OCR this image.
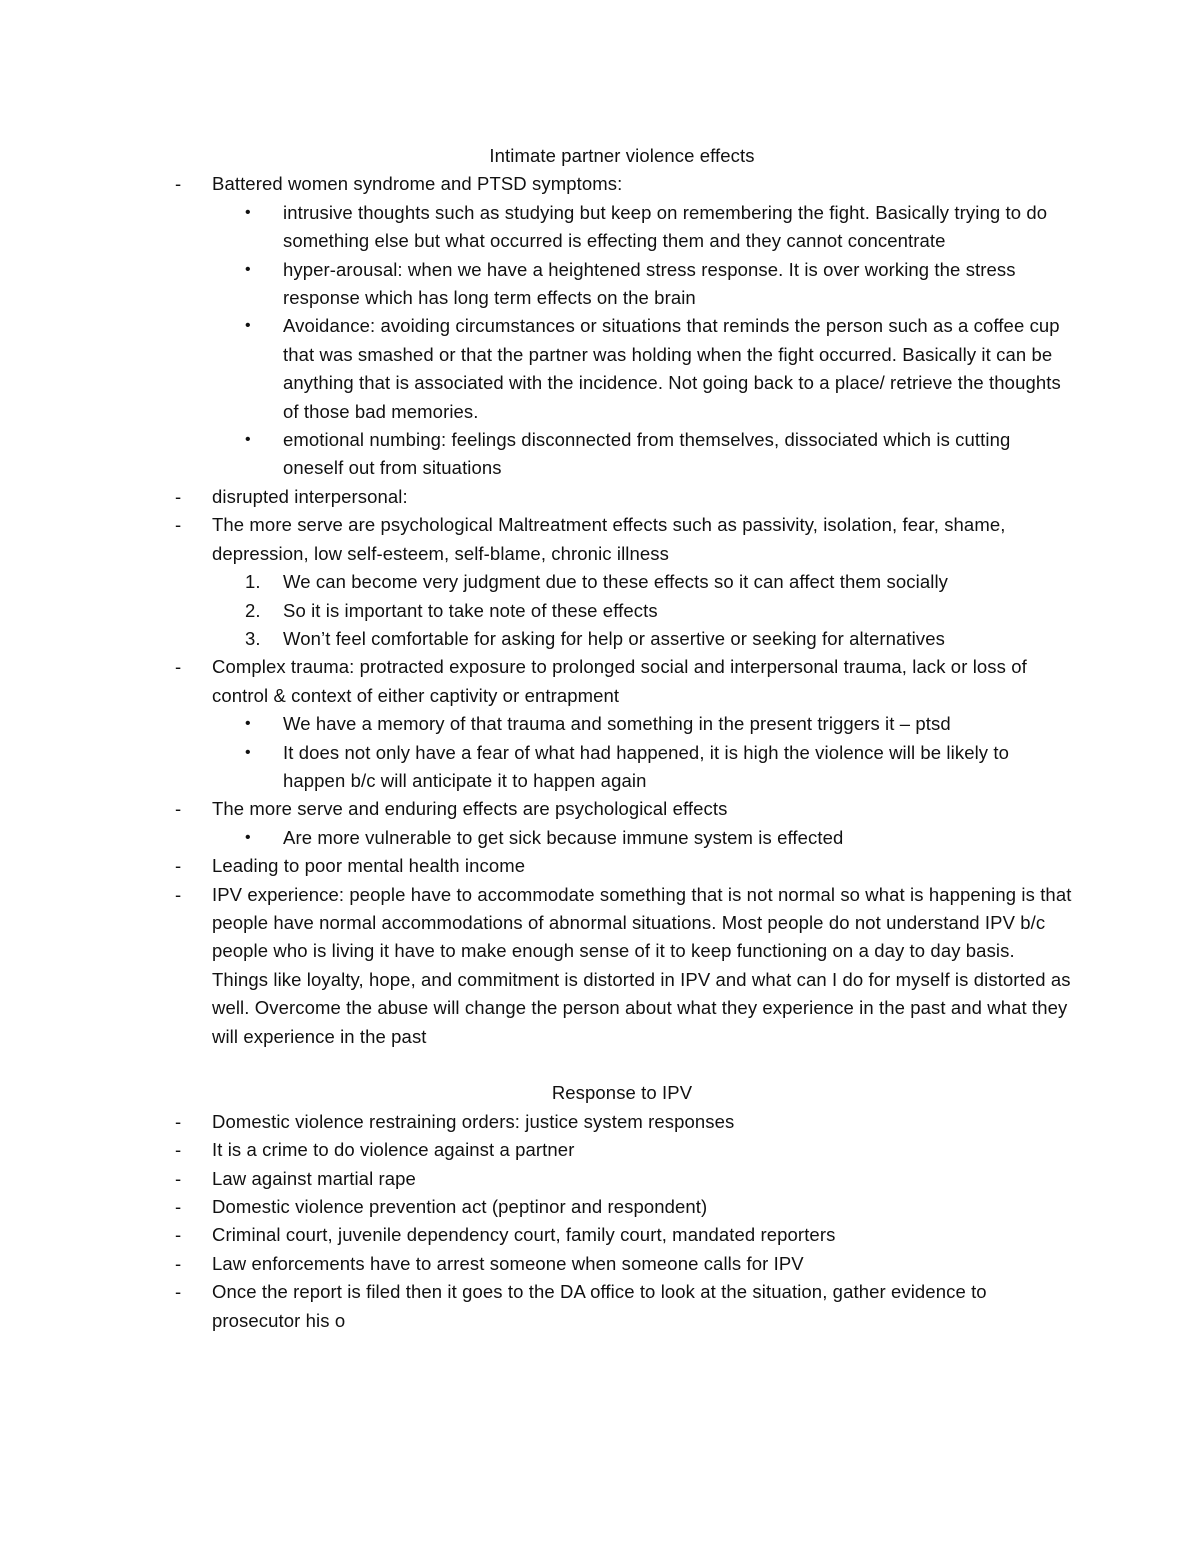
Intimate partner violence effects
- Battered women syndrome and PTSD symptoms:
• intrusive thoughts such as studying but keep on remembering the fight. Basically trying to do something else but what occurred is effecting them and they cannot concentrate
• hyper-arousal: when we have a heightened stress response. It is over working the stress response which has long term effects on the brain
• Avoidance: avoiding circumstances or situations that reminds the person such as a coffee cup that was smashed or that the partner was holding when the fight occurred. Basically it can be anything that is associated with the incidence. Not going back to a place/ retrieve the thoughts of those bad memories.
• emotional numbing: feelings disconnected from themselves, dissociated which is cutting oneself out from situations
- disrupted interpersonal:
- The more serve are psychological Maltreatment effects such as passivity, isolation, fear, shame, depression, low self-esteem, self-blame, chronic illness
1. We can become very judgment due to these effects so it can affect them socially
2. So it is important to take note of these effects
3. Won’t feel comfortable for asking for help or assertive or seeking for alternatives
- Complex trauma: protracted exposure to prolonged social and interpersonal trauma, lack or loss of control & context of either captivity or entrapment
• We have a memory of that trauma and something in the present triggers it – ptsd
• It does not only have a fear of what had happened, it is high the violence will be likely to happen b/c will anticipate it to happen again
- The more serve and enduring effects are psychological effects
• Are more vulnerable to get sick because immune system is effected
- Leading to poor mental health income
- IPV experience: people have to accommodate something that is not normal so what is happening is that people have normal accommodations of abnormal situations. Most people do not understand IPV b/c people who is living it have to make enough sense of it to keep functioning on a day to day basis. Things like loyalty, hope, and commitment is distorted in IPV and what can I do for myself is distorted as well. Overcome the abuse will change the person about what they experience in the past and what they will experience in the past
Response to IPV
- Domestic violence restraining orders: justice system responses
- It is a crime to do violence against a partner
- Law against martial rape
- Domestic violence prevention act (peptinor and respondent)
- Criminal court, juvenile dependency court, family court, mandated reporters
- Law enforcements have to arrest someone when someone calls for IPV
- Once the report is filed then it goes to the DA office to look at the situation, gather evidence to prosecutor his o
